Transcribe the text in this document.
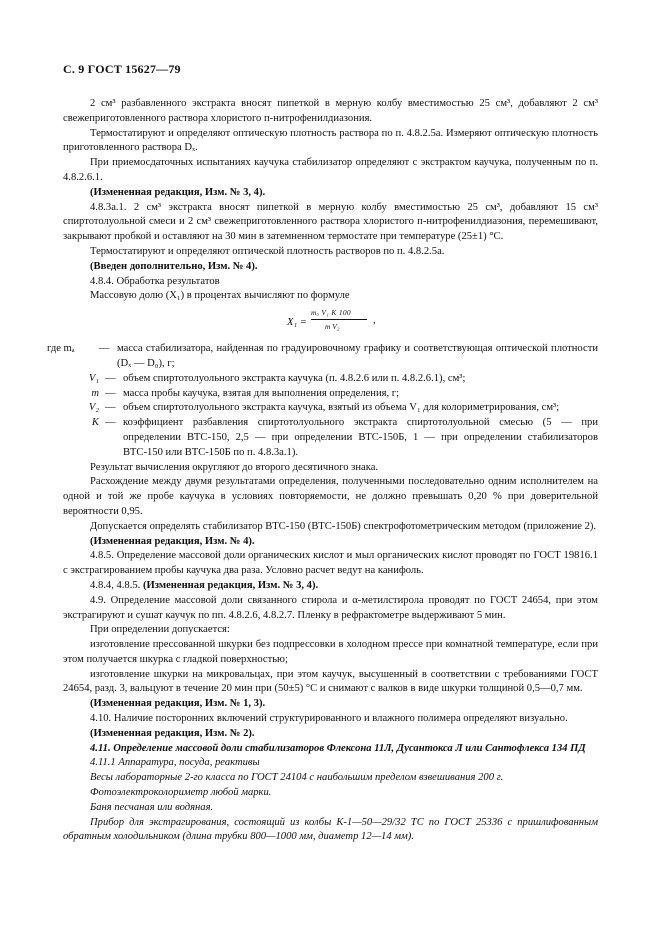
С. 9 ГОСТ 15627—79

2 см³ разбавленного экстракта вносят пипеткой в мерную колбу вместимостью 25 см³, добавляют 2 см³ свежеприготовленного раствора хлористого п-нитрофенилдиазония.

Термостатируют и определяют оптическую плотность раствора по п. 4.8.2.5а. Измеряют оптическую плотность приготовленного раствора Dₓ.

При приемосдаточных испытаниях каучука стабилизатор определяют с экстрактом каучука, полученным по п. 4.8.2.6.1.

(Измененная редакция, Изм. № 3, 4).

4.8.3а.1. 2 см³ экстракта вносят пипеткой в мерную колбу вместимостью 25 см³, добавляют 15 см³ спиртотолуольной смеси и 2 см³ свежеприготовленного раствора хлористого п-нитрофенилдиазония, перемешивают, закрывают пробкой и оставляют на 30 мин в затемненном термостате при температуре (25±1) °С.

Термостатируют и определяют оптической плотность растворов по п. 4.8.2.5а.

(Введен дополнительно, Изм. № 4).

4.8.4. Обработка результатов

Массовую долю (X₁) в процентах вычисляют по формуле

X₁ =
mₐ V₁ K 100
m V₂
,
где mₐ	— масса стабилизатора, найденная по градуировочному графику и соответствующая оптической плотности (Dₓ — D₀), г;
V₁ — объем спиртотолуольного экстракта каучука (п. 4.8.2.6 или п. 4.8.2.6.1), см³;
m — масса пробы каучука, взятая для выполнения определения, г;
V₂ — объем спиртотолуольного экстракта каучука, взятый из объема V₁ для колориметрирования, см³;
K — коэффициент разбавления спиртотолуольного экстракта спиртотолуольной смесью (5 — при определении ВТС-150, 2,5 — при определении ВТС-150Б, 1 — при определении стабилизаторов ВТС-150 или ВТС-150Б по п. 4.8.3а.1).

Результат вычисления округляют до второго десятичного знака.

Расхождение между двумя результатами определения, полученными последовательно одним исполнителем на одной и той же пробе каучука в условиях повторяемости, не должно превышать 0,20 % при доверительной вероятности 0,95.

Допускается определять стабилизатор ВТС-150 (ВТС-150Б) спектрофотометрическим методом (приложение 2).

(Измененная редакция, Изм. № 4).

4.8.5. Определение массовой доли органических кислот и мыл органических кислот проводят по ГОСТ 19816.1 с экстрагированием пробы каучука два раза. Условно расчет ведут на канифоль.

4.8.4, 4.8.5. (Измененная редакция, Изм. № 3, 4).

4.9. Определение массовой доли связанного стирола и α-метилстирола проводят по ГОСТ 24654, при этом экстрагируют и сушат каучук по пп. 4.8.2.6, 4.8.2.7. Пленку в рефрактометре выдерживают 5 мин.

При определении допускается:

изготовление прессованной шкурки без подпрессовки в холодном прессе при комнатной температуре, если при этом получается шкурка с гладкой поверхностью;

изготовление шкурки на микровальцах, при этом каучук, высушенный в соответствии с требованиями ГОСТ 24654, разд. 3, вальцуют в течение 20 мин при (50±5) °С и снимают с валков в виде шкурки толщиной 0,5—0,7 мм.

(Измененная редакция, Изм. № 1, 3).

4.10. Наличие посторонних включений структурированного и влажного полимера определяют визуально.

(Измененная редакция, Изм. № 2).

4.11. Определение массовой доли стабилизаторов Флексона 11Л, Дусантокса Л или Сантофлекса 134 ПД

4.11.1 Аппаратура, посуда, реактивы

Весы лабораторные 2-го класса по ГОСТ 24104 с наибольшим пределом взвешивания 200 г.

Фотоэлектроколориметр любой марки.

Баня песчаная или водяная.

Прибор для экстрагирования, состоящий из колбы К-1—50—29/32 ТС по ГОСТ 25336 с пришлифованным обратным холодильником (длина трубки 800—1000 мм, диаметр 12—14 мм).
